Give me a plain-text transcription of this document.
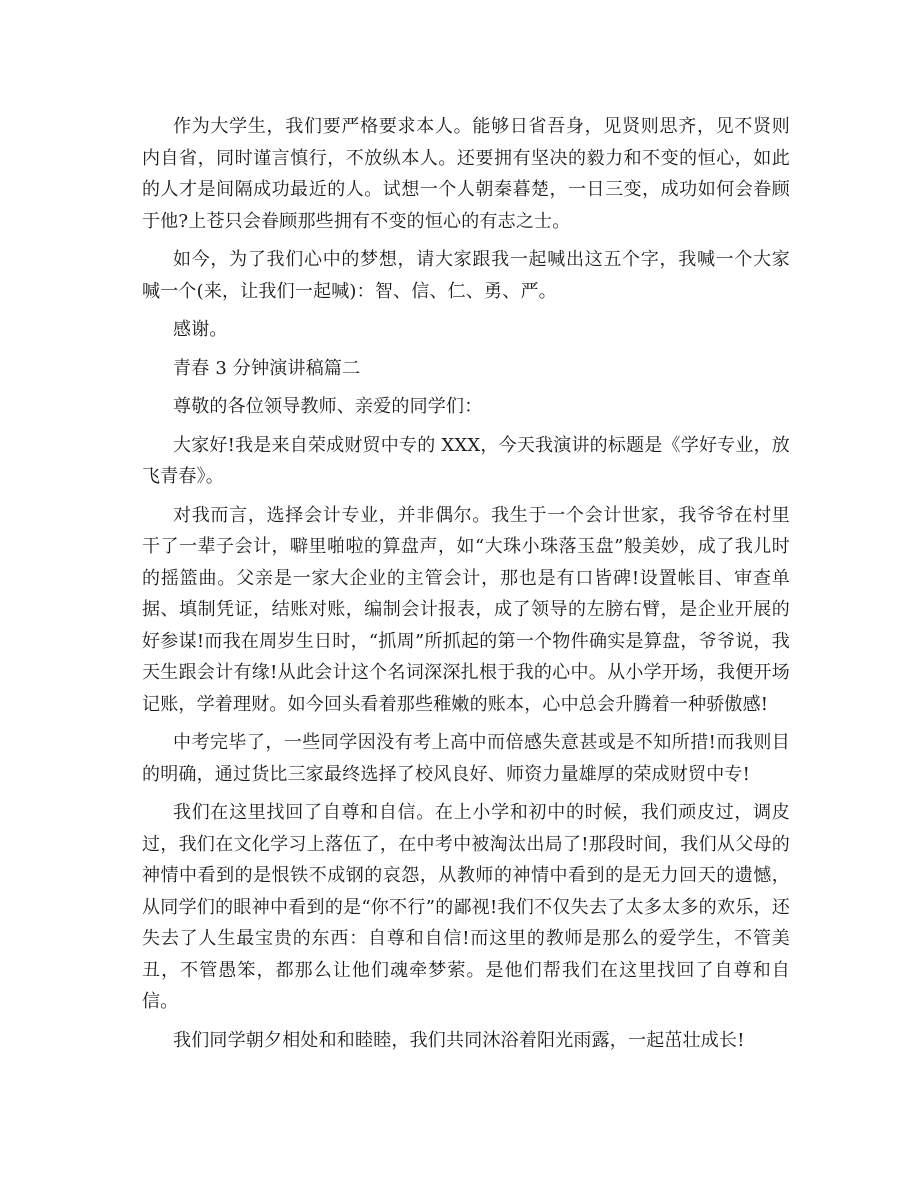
作为大学生，我们要严格要求本人。能够日省吾身，见贤则思齐，见不贤则内自省，同时谨言慎行，不放纵本人。还要拥有坚决的毅力和不变的恒心，如此的人才是间隔成功最近的人。试想一个人朝秦暮楚，一日三变，成功如何会眷顾于他?上苍只会眷顾那些拥有不变的恒心的有志之士。

如今，为了我们心中的梦想，请大家跟我一起喊出这五个字，我喊一个大家喊一个(来，让我们一起喊)：智、信、仁、勇、严。

感谢。

青春 3 分钟演讲稿篇二

尊敬的各位领导教师、亲爱的同学们：

大家好!我是来自荣成财贸中专的 XXX，今天我演讲的标题是《学好专业，放飞青春》。

对我而言，选择会计专业，并非偶尔。我生于一个会计世家，我爷爷在村里干了一辈子会计，噼里啪啦的算盘声，如“大珠小珠落玉盘”般美妙，成了我儿时的摇篮曲。父亲是一家大企业的主管会计，那也是有口皆碑!设置帐目、审查单据、填制凭证，结账对账，编制会计报表，成了领导的左膀右臂，是企业开展的好参谋!而我在周岁生日时，“抓周”所抓起的第一个物件确实是算盘，爷爷说，我天生跟会计有缘!从此会计这个名词深深扎根于我的心中。从小学开场，我便开场记账，学着理财。如今回头看着那些稚嫩的账本，心中总会升腾着一种骄傲感!

中考完毕了，一些同学因没有考上高中而倍感失意甚或是不知所措!而我则目的明确，通过货比三家最终选择了校风良好、师资力量雄厚的荣成财贸中专!

我们在这里找回了自尊和自信。在上小学和初中的时候，我们顽皮过，调皮过，我们在文化学习上落伍了，在中考中被淘汰出局了!那段时间，我们从父母的神情中看到的是恨铁不成钢的哀怨，从教师的神情中看到的是无力回天的遗憾，从同学们的眼神中看到的是“你不行”的鄙视!我们不仅失去了太多太多的欢乐，还失去了人生最宝贵的东西：自尊和自信!而这里的教师是那么的爱学生，不管美丑，不管愚笨，都那么让他们魂牵梦萦。是他们帮我们在这里找回了自尊和自信。

我们同学朝夕相处和和睦睦，我们共同沐浴着阳光雨露，一起茁壮成长!
